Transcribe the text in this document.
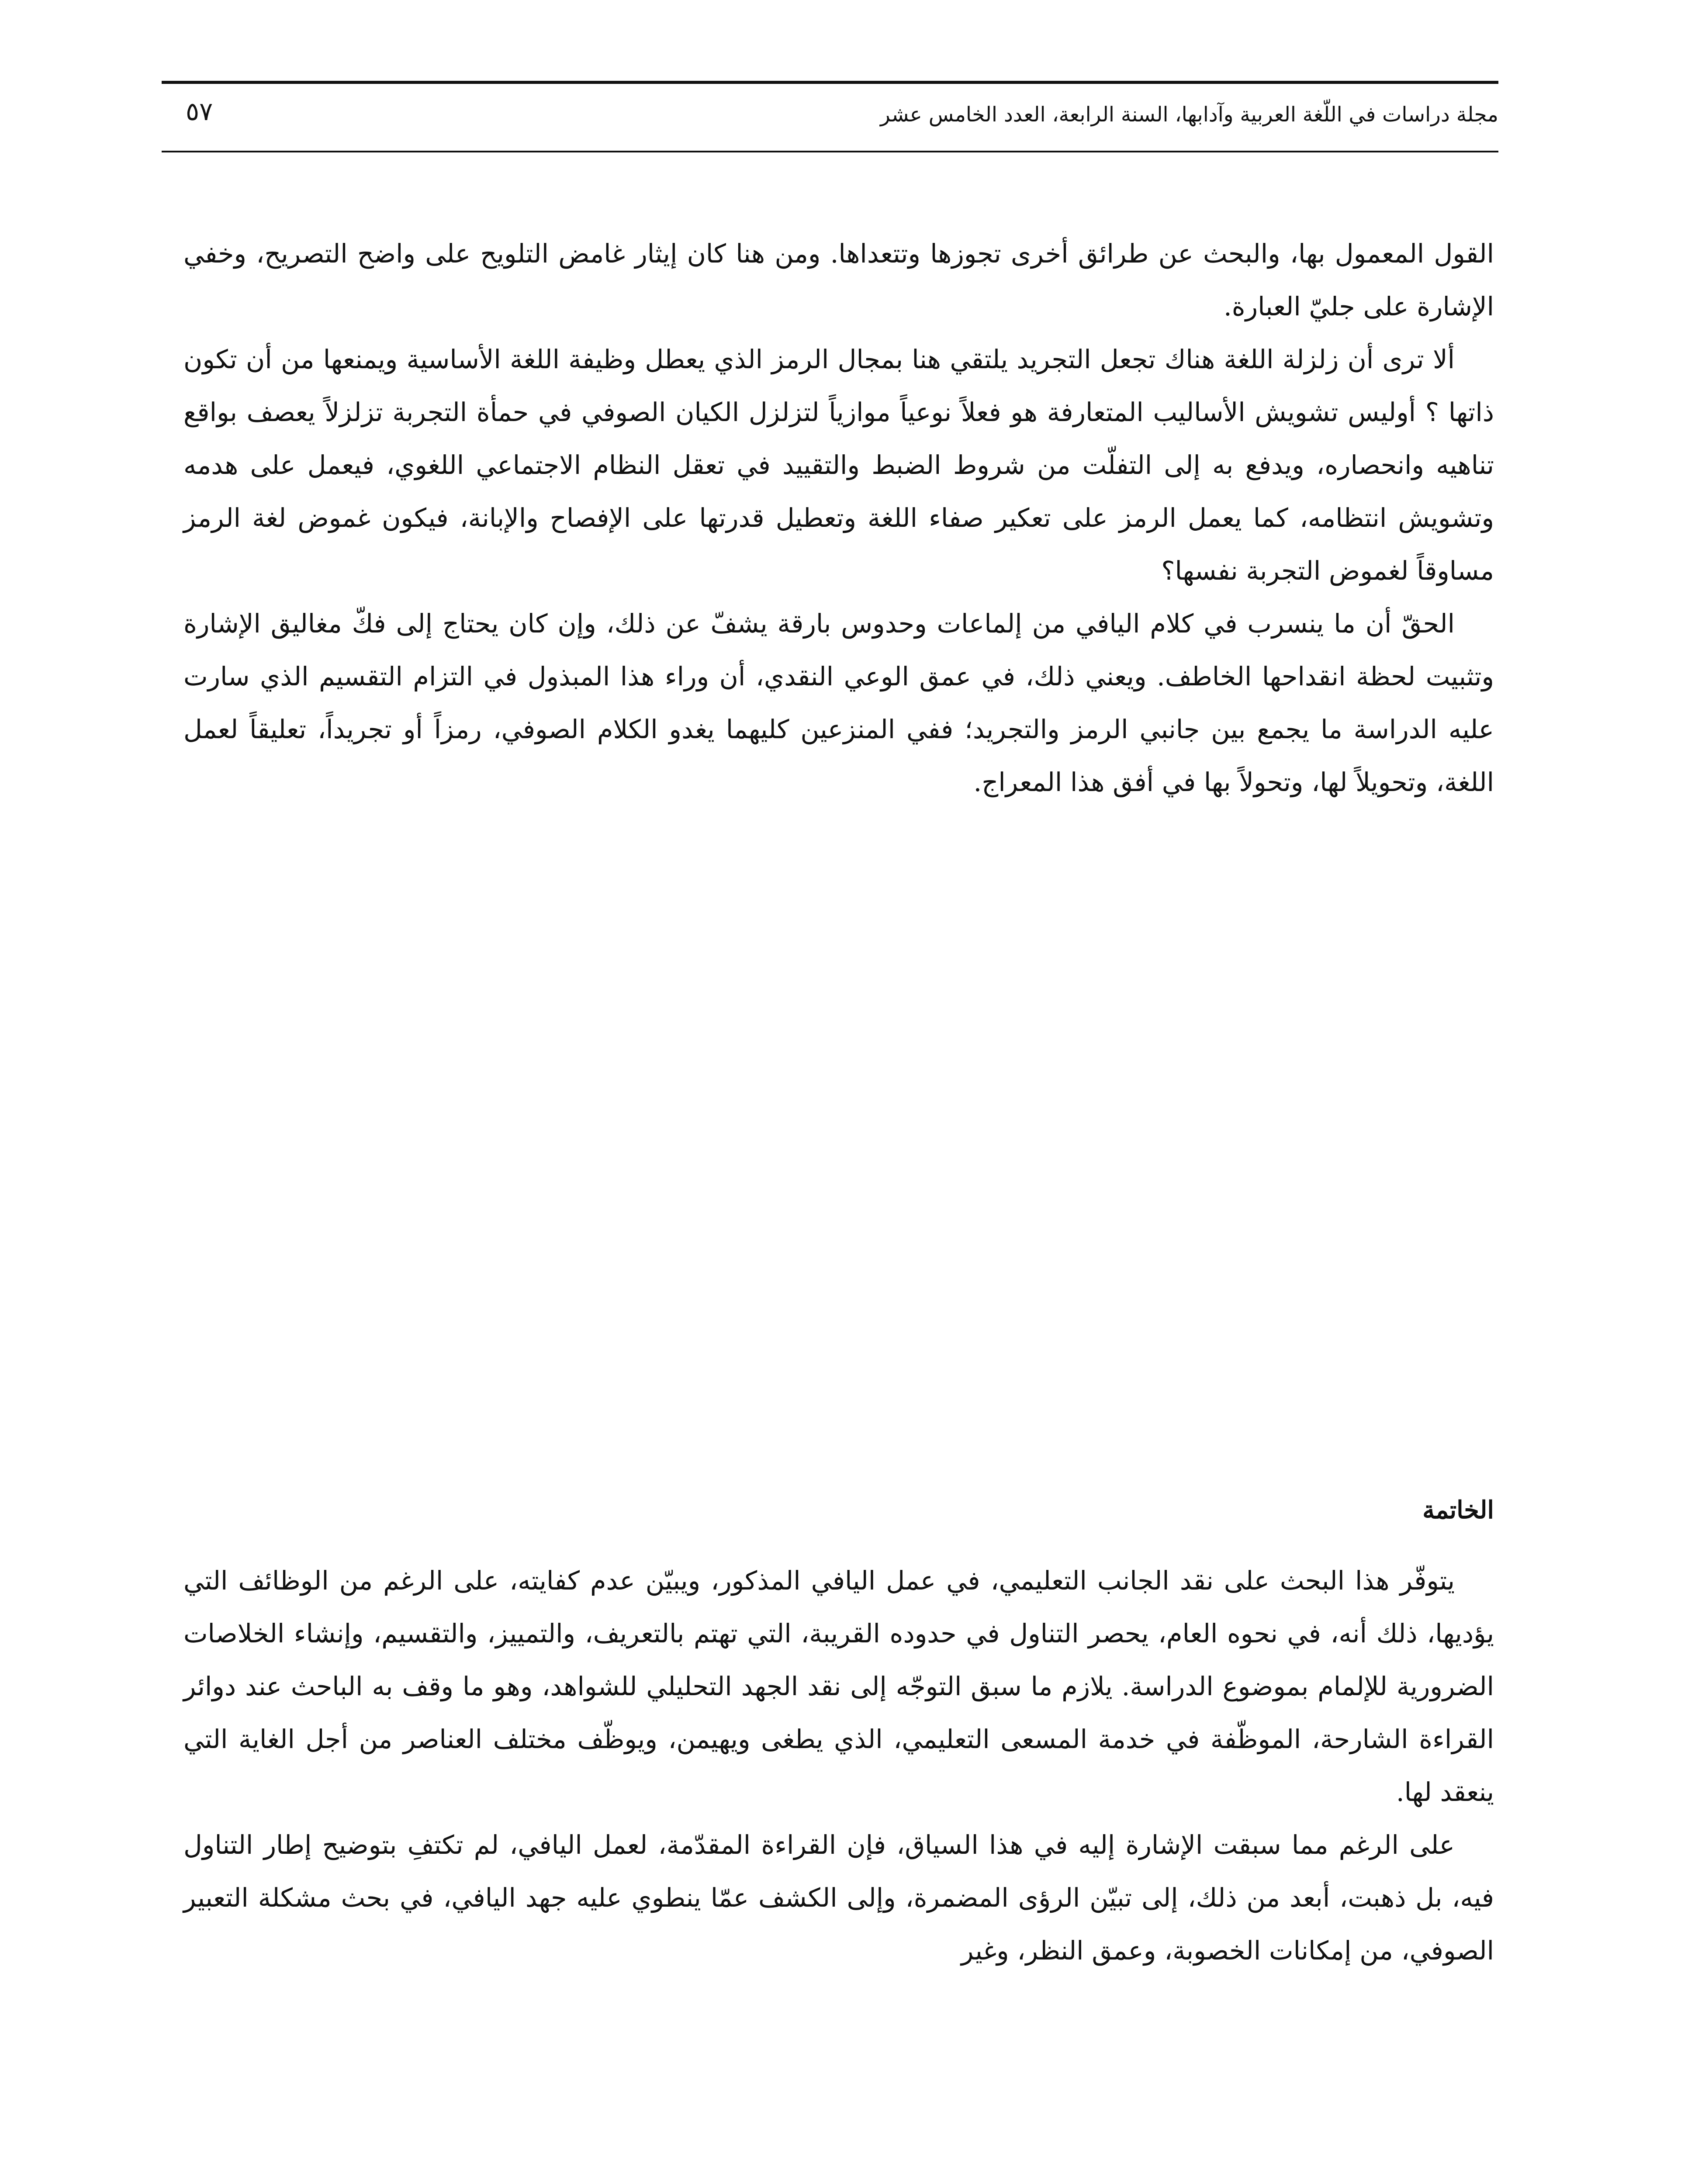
مجلة دراسات في اللّغة العربية وآدابها، السنة الرابعة، العدد الخامس عشر
٥٧

القول المعمول بها، والبحث عن طرائق أخرى تجوزها وتتعداها. ومن هنا كان إيثار غامض التلويح على واضح التصريح، وخفي الإشارة على جليّ العبارة.

ألا ترى أن زلزلة اللغة هناك تجعل التجريد يلتقي هنا بمجال الرمز الذي يعطل وظيفة اللغة الأساسية ويمنعها من أن تكون ذاتها ؟ أوليس تشويش الأساليب المتعارفة هو فعلاً نوعياً موازياً لتزلزل الكيان الصوفي في حمأة التجربة تزلزلاً يعصف بواقع تناهيه وانحصاره، ويدفع به إلى التفلّت من شروط الضبط والتقييد في تعقل النظام الاجتماعي اللغوي، فيعمل على هدمه وتشويش انتظامه، كما يعمل الرمز على تعكير صفاء اللغة وتعطيل قدرتها على الإفصاح والإبانة، فيكون غموض لغة الرمز مساوقاً لغموض التجربة نفسها؟

الحقّ أن ما ينسرب في كلام اليافي من إلماعات وحدوس بارقة يشفّ عن ذلك، وإن كان يحتاج إلى فكّ مغاليق الإشارة وتثبيت لحظة انقداحها الخاطف. ويعني ذلك، في عمق الوعي النقدي، أن وراء هذا المبذول في التزام التقسيم الذي سارت عليه الدراسة ما يجمع بين جانبي الرمز والتجريد؛ ففي المنزعين كليهما يغدو الكلام الصوفي، رمزاً أو تجريداً، تعليقاً لعمل اللغة، وتحويلاً لها، وتحولاً بها في أفق هذا المعراج.

الخاتمة

يتوفّر هذا البحث على نقد الجانب التعليمي، في عمل اليافي المذكور، ويبيّن عدم كفايته، على الرغم من الوظائف التي يؤديها، ذلك أنه، في نحوه العام، يحصر التناول في حدوده القريبة، التي تهتم بالتعريف، والتمييز، والتقسيم، وإنشاء الخلاصات الضرورية للإلمام بموضوع الدراسة. يلازم ما سبق التوجّه إلى نقد الجهد التحليلي للشواهد، وهو ما وقف به الباحث عند دوائر القراءة الشارحة، الموظّفة في خدمة المسعى التعليمي، الذي يطغى ويهيمن، ويوظّف مختلف العناصر من أجل الغاية التي ينعقد لها.

على الرغم مما سبقت الإشارة إليه في هذا السياق، فإن القراءة المقدّمة، لعمل اليافي، لم تكتفِ بتوضيح إطار التناول فيه، بل ذهبت، أبعد من ذلك، إلى تبيّن الرؤى المضمرة، وإلى الكشف عمّا ينطوي عليه جهد اليافي، في بحث مشكلة التعبير الصوفي، من إمكانات الخصوبة، وعمق النظر، وغير
